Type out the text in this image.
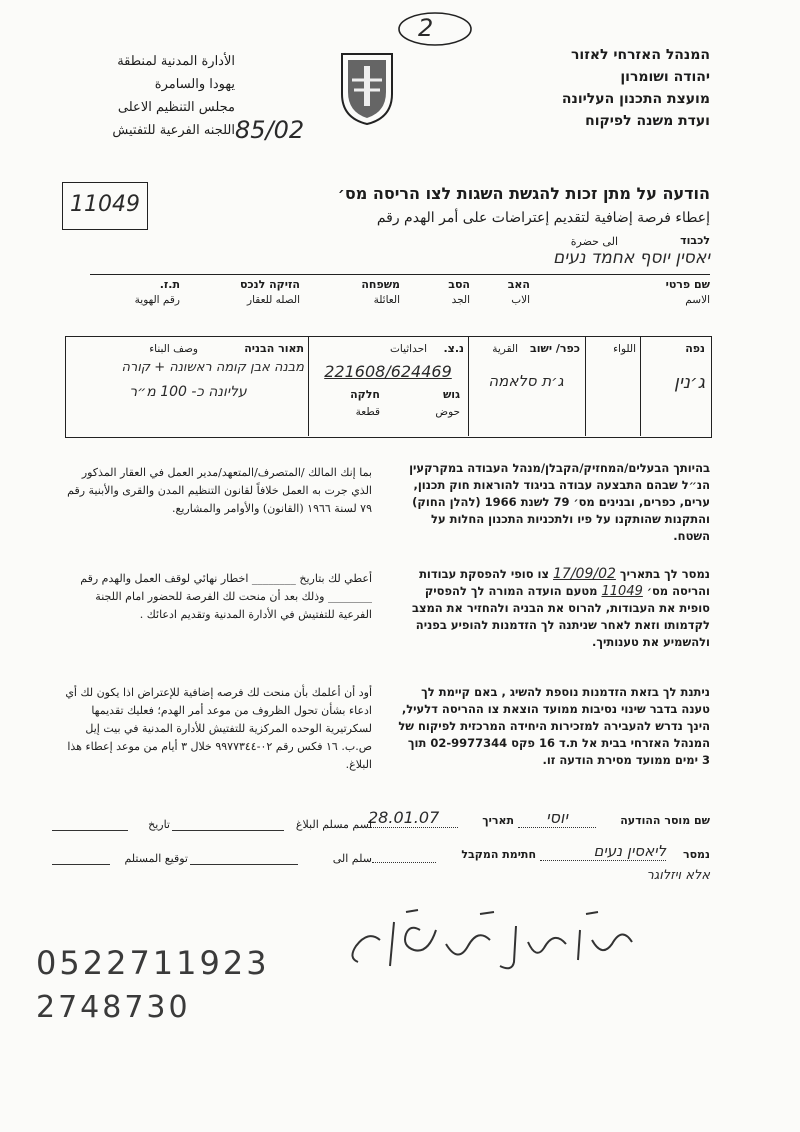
2
המנהל האזרחי לאזור
יהודה ושומרון
מועצת התכנון העליונה
ועדת משנה לפיקוח
الأدارة المدنية لمنطقة
يهودا والسامرة
مجلس التنظيم الاعلى
اللجنه الفرعية للتفتيش 85/02
11049	הודעה על מתן זכות להגשת השגות לצו הריסה מס׳
إعطاء فرصة إضافية لتقديم إعتراضات على أمر الهدم رقم
לכבוד
الى حضرة
יאסין יוסף אחמד נעים
שם פרטי
الاسم
האב
الاب
הסב
الجد
משפחה
العائلة
הזיקה לנכס
الصله للعقار
ת.ז.
رقم الهوية
נפה
اللواء
ג׳נין
כפר/ ישוב
القرية
ג׳ת סלאמה
נ.צ.
احداثيات
221608/624469
גוש
חלקה
حوض
قطعة
תאור הבניה
وصف البناء
מבנה אבן קומה ראשונה + קורה
עליונה כ- 100 מ״ר
בהיותך הבעלים/המחזיק/הקבלן/מנהל העבודה במקרקעין הנ״ל שבהם התבצעה עבודה בניגוד להוראות חוק תכנון, ערים, כפרים, ובנינים מס׳ 79 לשנת 1966 (להלן החוק) והתקנות שהותקנו על פיו ולתכניות התכנון החלות על השטח.
بما إنك المالك /المتصرف/المتعهد/مدير العمل في العقار المذكور الذي جرت به العمل خلافاً لقانون التنظيم المدن والقرى والأبنية رقم ٧٩ لسنة ١٩٦٦ (القانون) والأوامر والمشاريع.
נמסר לך בתאריך 17/09/02 צו סופי להפסקת עבודות והריסה מס׳ 11049 מטעם הועדה המורה לך להפסיק סופית את העבודות, להרוס את הבניה ולהחזיר את המצב לקדמותו וזאת לאחר שניתנה לך הזדמנות להופיע בפניה ולהשמיע את טענותיך.
أعطي لك بتاريخ ________ اخطار نهائي لوقف العمل والهدم رقم ________ وذلك بعد أن منحت لك الفرصة للحضور امام اللجنة الفرعية للتفتيش في الأدارة المدنية وتقديم ادعائك .
ניתנת לך בזאת הזדמנות נוספת להשיג , באם קיימת לך טענה בדבר שינוי נסיבות ממועד הוצאת צו ההריסה דלעיל, הינך נדרש להעבירה למזכירות היחידה המרכזית לפיקוח של המנהל האזרחי בבית אל ת.ד 16 פקס 02-9977344 תוך 3 ימים ממועד מסירת הודעה זו.
أود أن أعلمك بأن منحت لك فرصه إضافية للإعتراض اذا يكون لك أي ادعاء بشأن تحول الظروف من موعد أمر الهدم؛ فعليك تقديمها لسكرتيرية الوحده المركزية للتفتيش للأدارة المدنية في بيت إيل ص.ب. ١٦ فكس رقم ٠٢-٩٩٧٧٣٤٤ خلال ٣ أيام من موعد إعطاء هذا البلاغ.
שם מוסר ההודעה
יוסי
תאריך
28.01.07
נמסר
ליאסין נעים
חתימת המקבל
אלא ויזלוגר
اسم مسلم البلاغ
تاريخ
سلم الى
توقيع المستلم
0522711923
2748730
